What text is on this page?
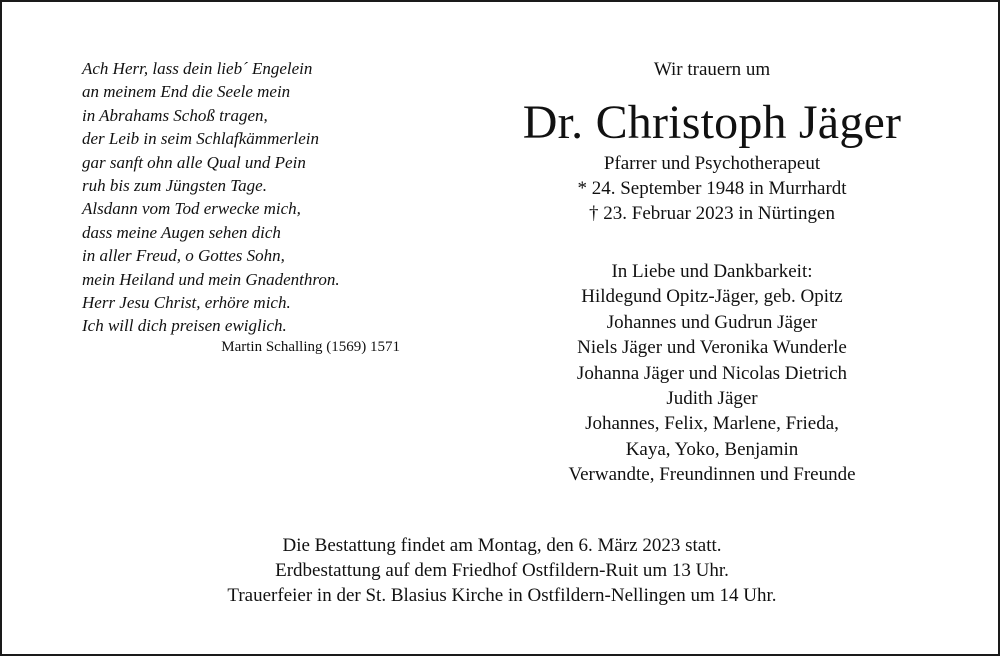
Ach Herr, lass dein lieb´ Engelein
an meinem End die Seele mein
in Abrahams Schoß tragen,
der Leib in seim Schlafkämmerlein
gar sanft ohn alle Qual und Pein
ruh bis zum Jüngsten Tage.
Alsdann vom Tod erwecke mich,
dass meine Augen sehen dich
in aller Freud, o Gottes Sohn,
mein Heiland und mein Gnadenthron.
Herr Jesu Christ, erhöre mich.
Ich will dich preisen ewiglich.
Martin Schalling (1569) 1571
Wir trauern um
Dr. Christoph Jäger
Pfarrer und Psychotherapeut
* 24. September 1948 in Murrhardt
† 23. Februar 2023 in Nürtingen
In Liebe und Dankbarkeit:
Hildegund Opitz-Jäger, geb. Opitz
Johannes und Gudrun Jäger
Niels Jäger und Veronika Wunderle
Johanna Jäger und Nicolas Dietrich
Judith Jäger
Johannes, Felix, Marlene, Frieda,
Kaya, Yoko, Benjamin
Verwandte, Freundinnen und Freunde
Die Bestattung findet am Montag, den 6. März 2023 statt.
Erdbestattung auf dem Friedhof Ostfildern-Ruit um 13 Uhr.
Trauerfeier in der St. Blasius Kirche in Ostfildern-Nellingen um 14 Uhr.
